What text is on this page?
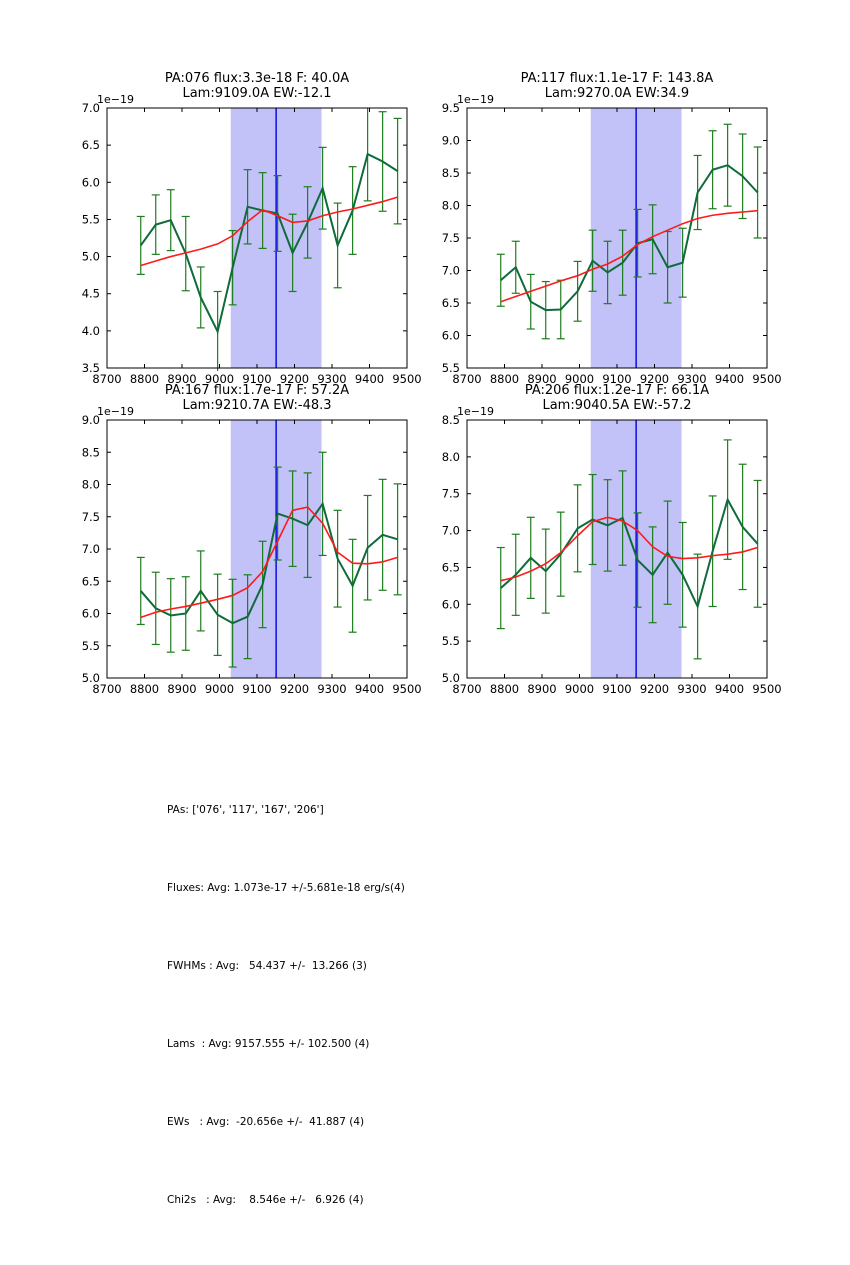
PA:076 flux:3.3e-18 F: 40.0A
Lam:9109.0A EW:-12.1
PA:117 flux:1.1e-17 F: 143.8A
Lam:9270.0A EW:34.9
PA:167 flux:1.7e-17 F: 57.2A
Lam:9210.7A EW:-48.3
PA:206 flux:1.2e-17 F: 66.1A
Lam:9040.5A EW:-57.2
8700 8800 8900 9000 9100 9200 9300 9400 9500
3.5
4.0
4.5
5.0
5.5
6.0
6.5
7.0
1e−19
8700 8800 8900 9000 9100 9200 9300 9400 9500
5.5
6.0
6.5
7.0
7.5
8.0
8.5
9.0
9.5
1e−19
8700 8800 8900 9000 9100 9200 9300 9400 9500
5.0
5.5
6.0
6.5
7.0
7.5
8.0
8.5
9.0
1e−19
8700 8800 8900 9000 9100 9200 9300 9400 9500
5.0
5.5
6.0
6.5
7.0
7.5
8.0
8.5
1e−19

PAs: ['076', '117', '167', '206']

Fluxes: Avg: 1.073e-17 +/-5.681e-18 erg/s(4)

FWHMs : Avg:   54.437 +/-  13.266 (3)

Lams  : Avg: 9157.555 +/- 102.500 (4)

EWs   : Avg:  -20.656e +/-  41.887 (4)

Chi2s   : Avg:    8.546e +/-   6.926 (4)
